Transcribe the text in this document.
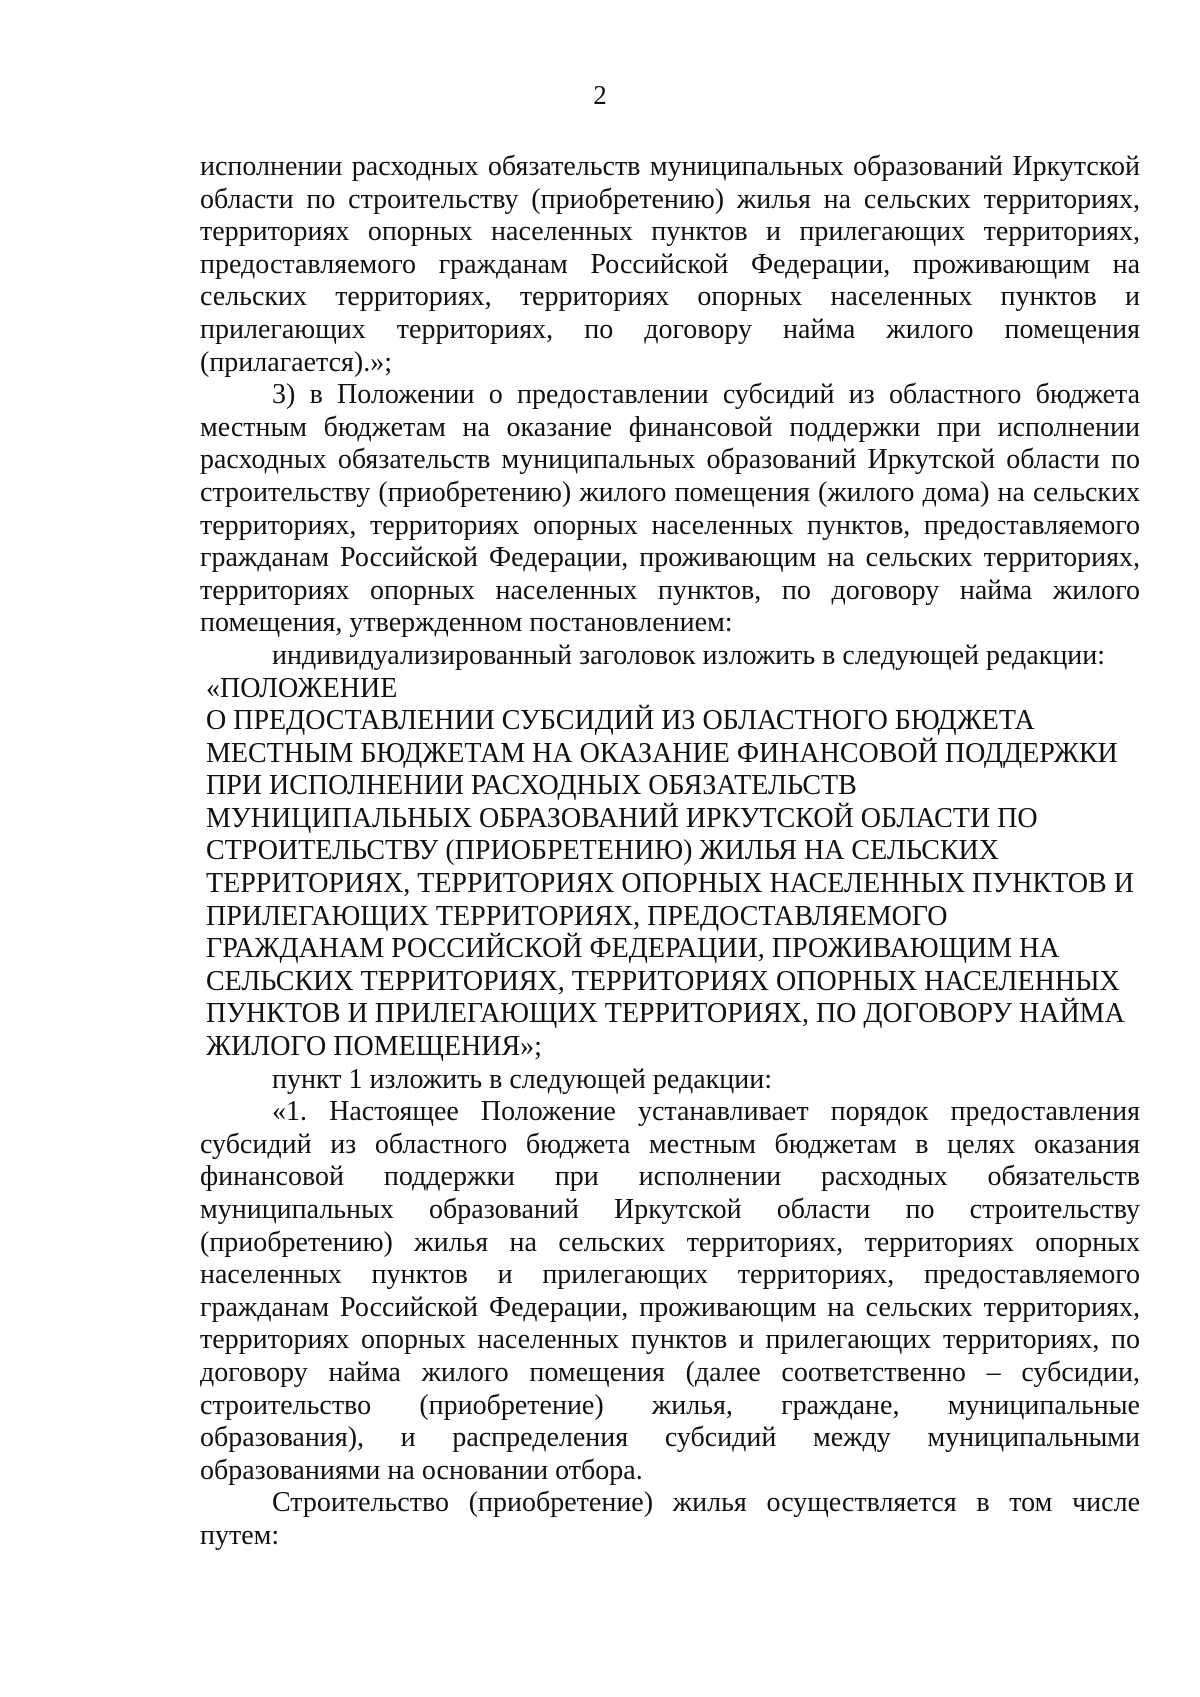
2

исполнении расходных обязательств муниципальных образований Иркутской области по строительству (приобретению) жилья на сельских территориях, территориях опорных населенных пунктов и прилегающих территориях, предоставляемого гражданам Российской Федерации, проживающим на сельских территориях, территориях опорных населенных пунктов и прилегающих территориях, по договору найма жилого помещения (прилагается).»;

3) в Положении о предоставлении субсидий из областного бюджета местным бюджетам на оказание финансовой поддержки при исполнении расходных обязательств муниципальных образований Иркутской области по строительству (приобретению) жилого помещения (жилого дома) на сельских территориях, территориях опорных населенных пунктов, предоставляемого гражданам Российской Федерации, проживающим на сельских территориях, территориях опорных населенных пунктов, по договору найма жилого помещения, утвержденном постановлением:

индивидуализированный заголовок изложить в следующей редакции:

«ПОЛОЖЕНИЕ

О ПРЕДОСТАВЛЕНИИ СУБСИДИЙ ИЗ ОБЛАСТНОГО БЮДЖЕТА

МЕСТНЫМ БЮДЖЕТАМ НА ОКАЗАНИЕ ФИНАНСОВОЙ ПОДДЕРЖКИ

ПРИ ИСПОЛНЕНИИ РАСХОДНЫХ ОБЯЗАТЕЛЬСТВ

МУНИЦИПАЛЬНЫХ ОБРАЗОВАНИЙ ИРКУТСКОЙ ОБЛАСТИ ПО

СТРОИТЕЛЬСТВУ (ПРИОБРЕТЕНИЮ) ЖИЛЬЯ НА СЕЛЬСКИХ

ТЕРРИТОРИЯХ, ТЕРРИТОРИЯХ ОПОРНЫХ НАСЕЛЕННЫХ ПУНКТОВ И

ПРИЛЕГАЮЩИХ ТЕРРИТОРИЯХ, ПРЕДОСТАВЛЯЕМОГО

ГРАЖДАНАМ РОССИЙСКОЙ ФЕДЕРАЦИИ, ПРОЖИВАЮЩИМ НА

СЕЛЬСКИХ ТЕРРИТОРИЯХ, ТЕРРИТОРИЯХ ОПОРНЫХ НАСЕЛЕННЫХ

ПУНКТОВ И ПРИЛЕГАЮЩИХ ТЕРРИТОРИЯХ, ПО ДОГОВОРУ НАЙМА

ЖИЛОГО ПОМЕЩЕНИЯ»;

пункт 1 изложить в следующей редакции:

«1. Настоящее Положение устанавливает порядок предоставления субсидий из областного бюджета местным бюджетам в целях оказания финансовой поддержки при исполнении расходных обязательств муниципальных образований Иркутской области по строительству (приобретению) жилья на сельских территориях, территориях опорных населенных пунктов и прилегающих территориях, предоставляемого гражданам Российской Федерации, проживающим на сельских территориях, территориях опорных населенных пунктов и прилегающих территориях, по договору найма жилого помещения (далее соответственно – субсидии, строительство (приобретение) жилья, граждане, муниципальные образования), и распределения субсидий между муниципальными образованиями на основании отбора.

Строительство (приобретение) жилья осуществляется в том числе путем:
